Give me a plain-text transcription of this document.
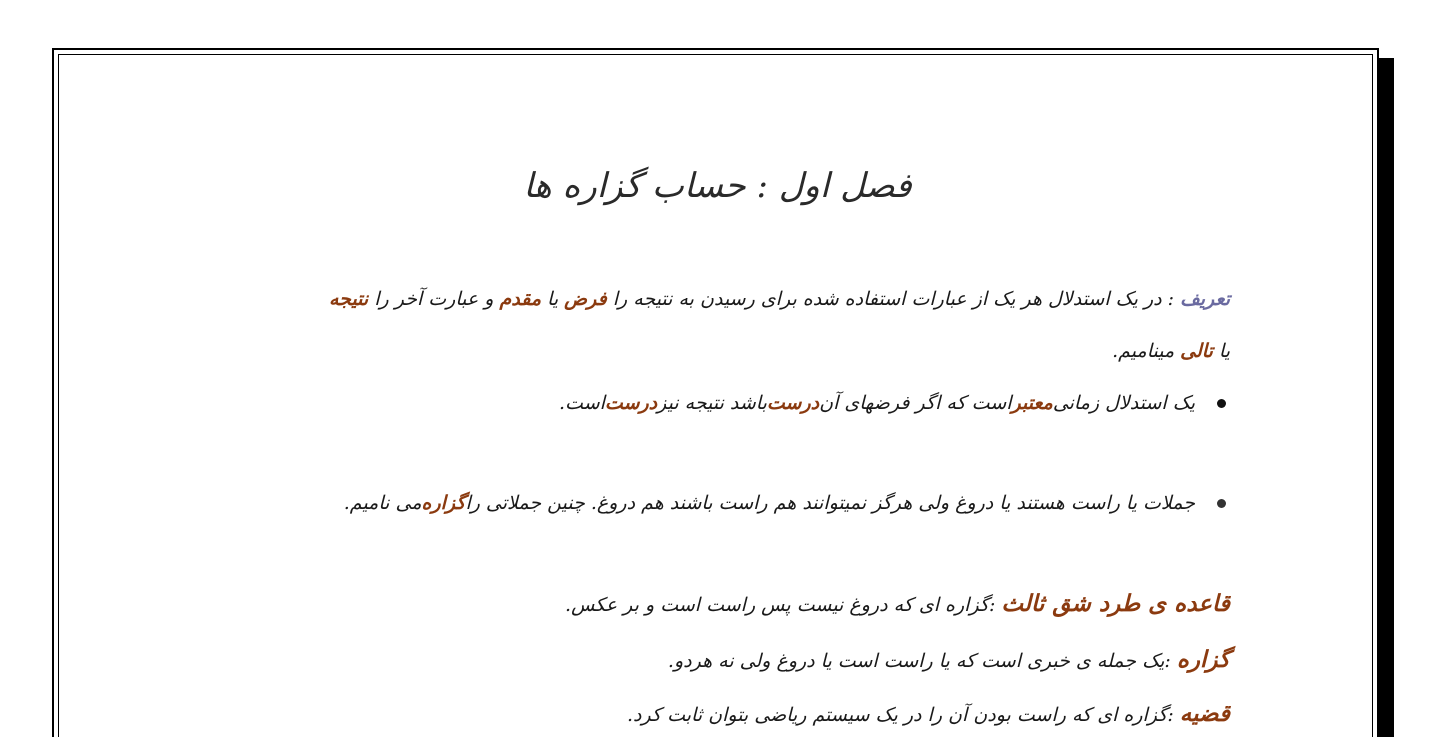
فصل اول : حساب گزاره ها
تعریف : در یک استدلال هر یک از عبارات استفاده شده برای رسیدن به نتیجه را فرض یا مقدم و عبارت آخر را نتیجه
یا تالی مینامیم.
یک استدلال زمانی
معتبر
است که اگر فرضهای آن
درست
باشد نتیجه نیز
درست
است.
جملات یا راست هستند یا دروغ ولی هرگز نمیتوانند هم راست باشند هم دروغ. چنین جملاتی را
گزاره
می نامیم.
قاعده ی طرد شق ثالث :گزاره ای که دروغ نیست پس راست است و بر عکس.
گزاره :یک جمله ی خبری است که یا راست است یا دروغ ولی نه هردو.
قضیه :گزاره ای که راست بودن آن را در یک سیستم ریاضی بتوان ثابت کرد.
